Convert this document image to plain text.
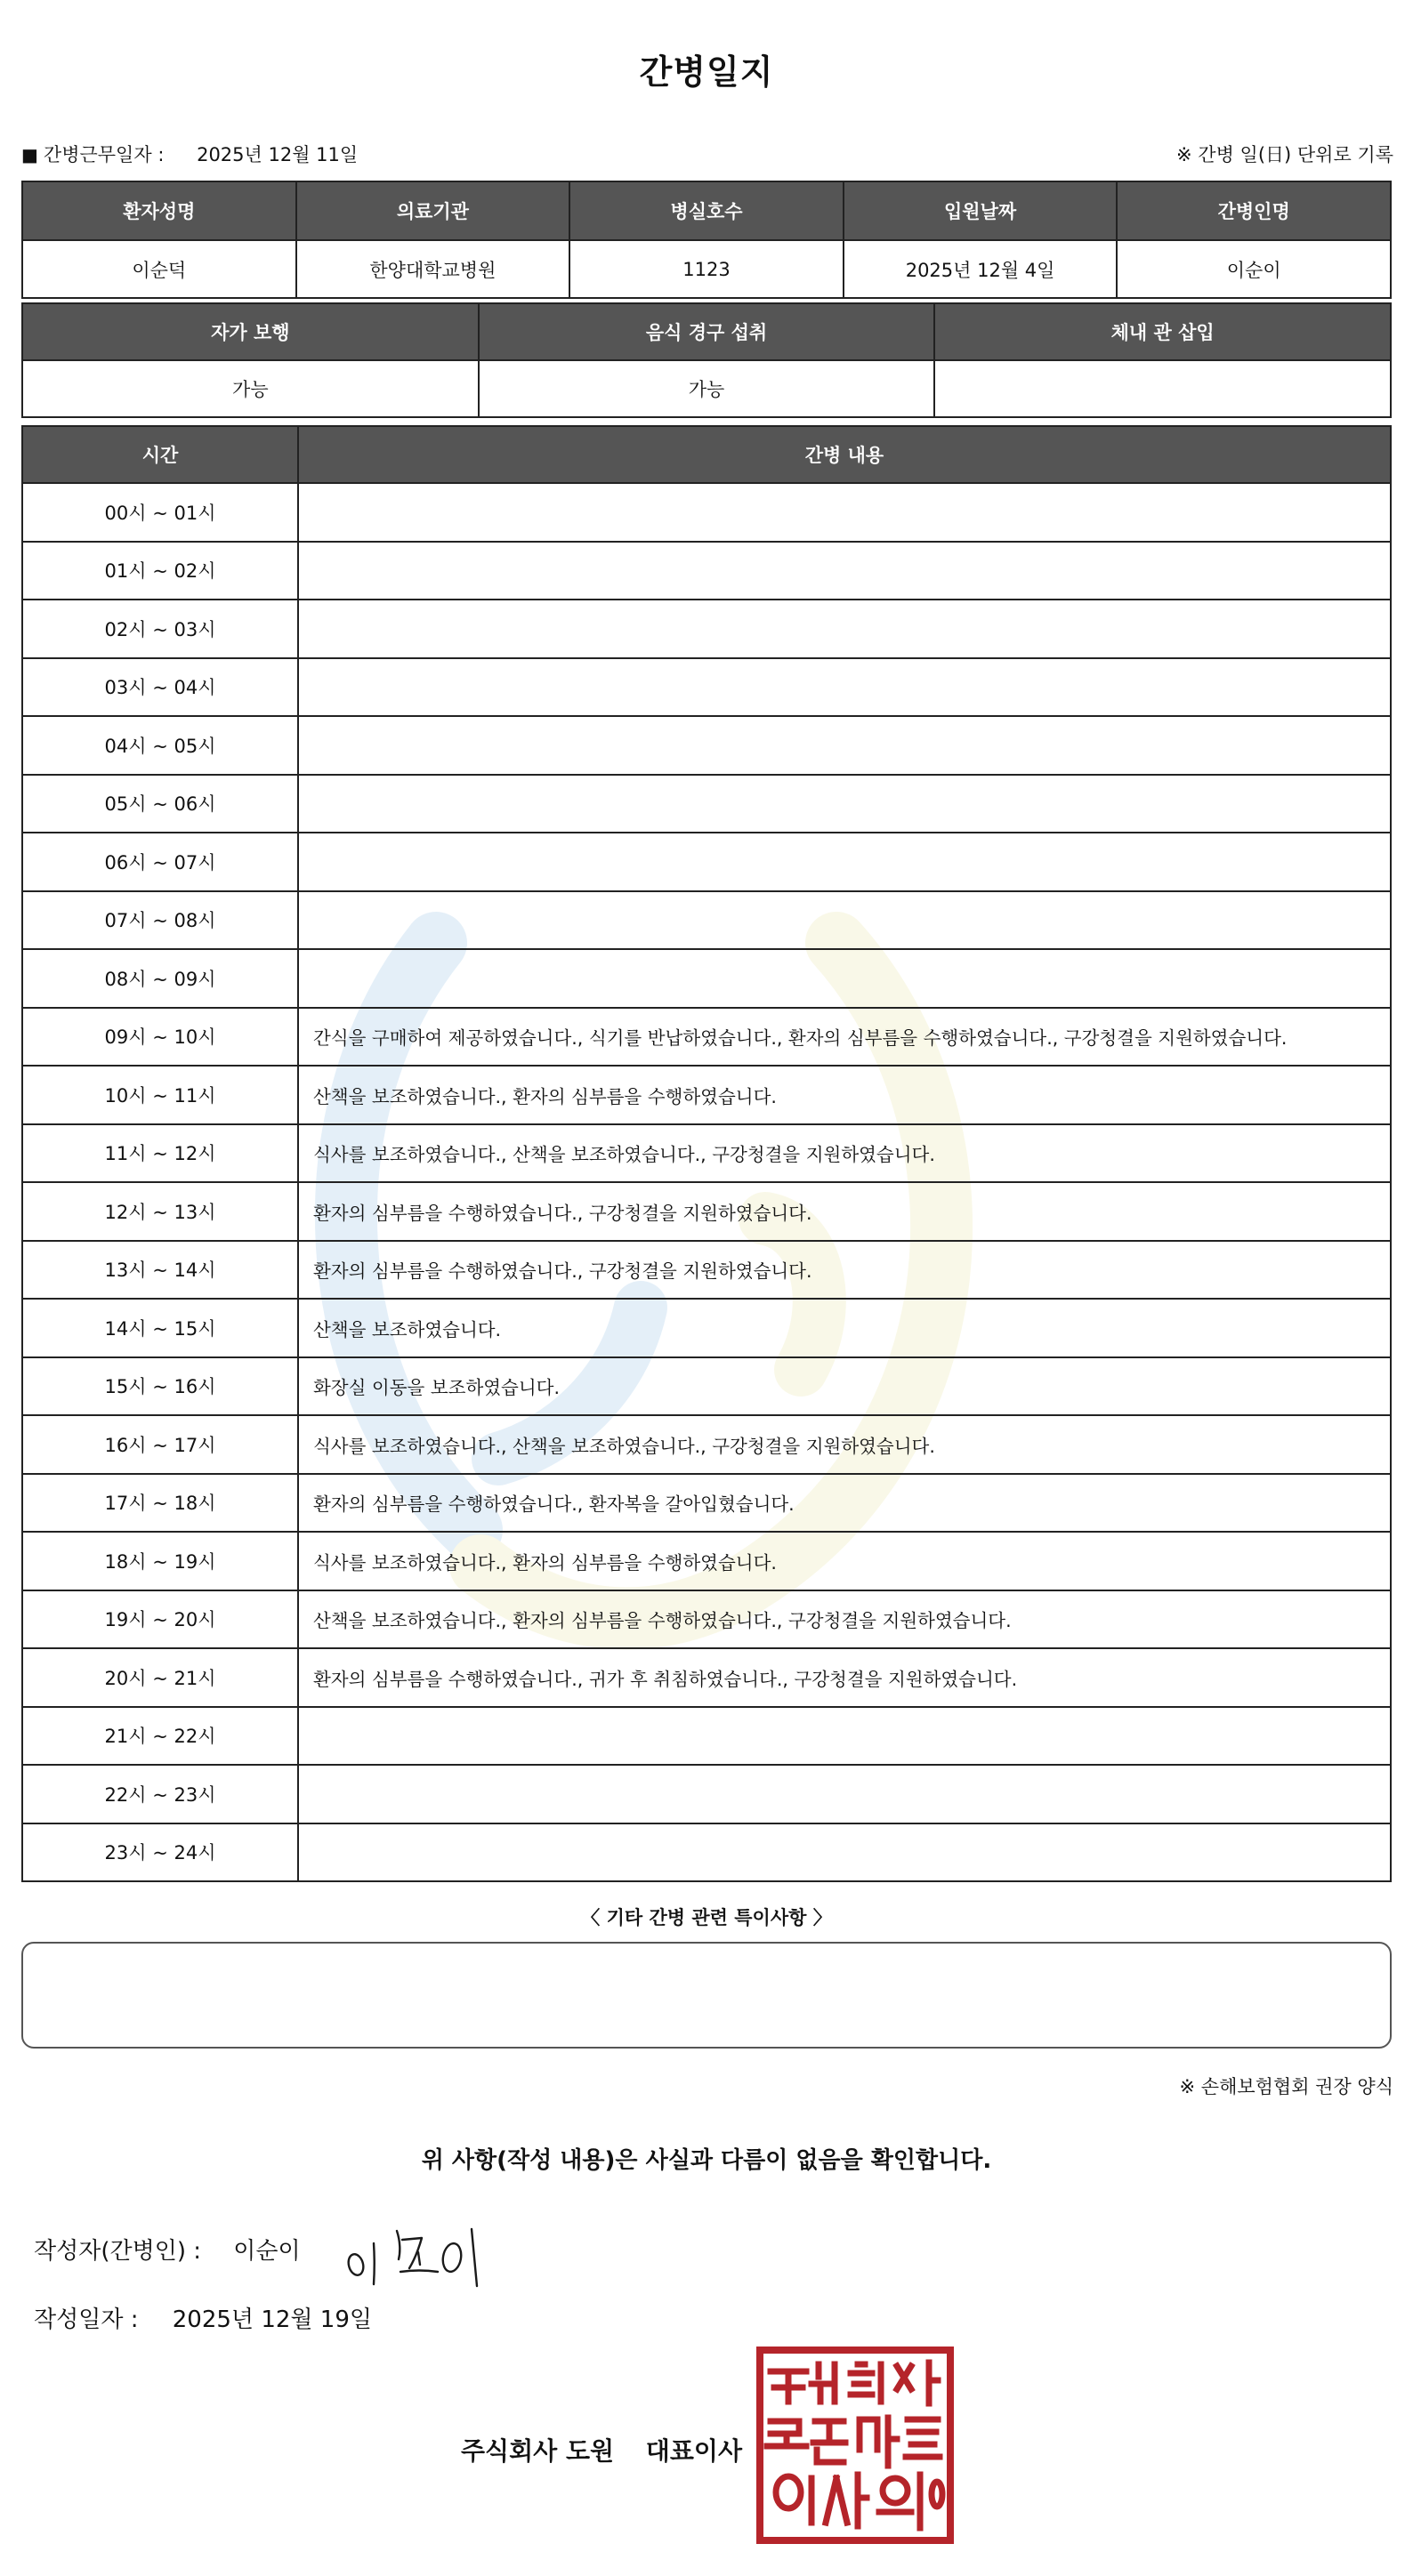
간병일지
■ 간병근무일자 : 2025년 12월 11일	※ 간병 일(日) 단위로 기록
환자성명	의료기관	병실호수	입원날짜	간병인명
이순덕	한양대학교병원	1123	2025년 12월 4일	이순이
자가 보행	음식 경구 섭취	체내 관 삽입
가능	가능	
시간	간병 내용
00시 ~ 01시	
01시 ~ 02시	
02시 ~ 03시	
03시 ~ 04시	
04시 ~ 05시	
05시 ~ 06시	
06시 ~ 07시	
07시 ~ 08시	
08시 ~ 09시	
09시 ~ 10시	간식을 구매하여 제공하였습니다., 식기를 반납하였습니다., 환자의 심부름을 수행하였습니다., 구강청결을 지원하였습니다.
10시 ~ 11시	산책을 보조하였습니다., 환자의 심부름을 수행하였습니다.
11시 ~ 12시	식사를 보조하였습니다., 산책을 보조하였습니다., 구강청결을 지원하였습니다.
12시 ~ 13시	환자의 심부름을 수행하였습니다., 구강청결을 지원하였습니다.
13시 ~ 14시	환자의 심부름을 수행하였습니다., 구강청결을 지원하였습니다.
14시 ~ 15시	산책을 보조하였습니다.
15시 ~ 16시	화장실 이동을 보조하였습니다.
16시 ~ 17시	식사를 보조하였습니다., 산책을 보조하였습니다., 구강청결을 지원하였습니다.
17시 ~ 18시	환자의 심부름을 수행하였습니다., 환자복을 갈아입혔습니다.
18시 ~ 19시	식사를 보조하였습니다., 환자의 심부름을 수행하였습니다.
19시 ~ 20시	산책을 보조하였습니다., 환자의 심부름을 수행하였습니다., 구강청결을 지원하였습니다.
20시 ~ 21시	환자의 심부름을 수행하였습니다., 귀가 후 취침하였습니다., 구강청결을 지원하였습니다.
21시 ~ 22시	
22시 ~ 23시	
23시 ~ 24시	
〈 기타 간병 관련 특이사항 〉
※ 손해보험협회 권장 양식
위 사항(작성 내용)은 사실과 다름이 없음을 확인합니다.
작성자(간병인) : 이순이
작성일자 : 2025년 12월 19일
주식회사 도원 대표이사
